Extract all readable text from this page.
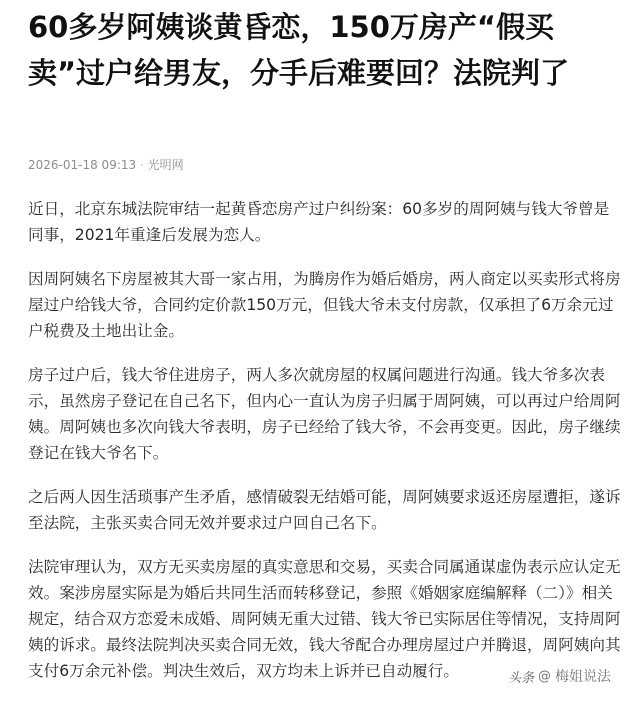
60多岁阿姨谈黄昏恋，150万房产“假买卖”过户给男友，分手后难要回？法院判了
2026-01-18 09:13 · 光明网

近日，北京东城法院审结一起黄昏恋房产过户纠纷案：60多岁的周阿姨与钱大爷曾是同事，2021年重逢后发展为恋人。

因周阿姨名下房屋被其大哥一家占用，为腾房作为婚后婚房，两人商定以买卖形式将房屋过户给钱大爷，合同约定价款150万元，但钱大爷未支付房款，仅承担了6万余元过户税费及土地出让金。

房子过户后，钱大爷住进房子，两人多次就房屋的权属问题进行沟通。钱大爷多次表示，虽然房子登记在自己名下，但内心一直认为房子归属于周阿姨，可以再过户给周阿姨。周阿姨也多次向钱大爷表明，房子已经给了钱大爷，不会再变更。因此，房子继续登记在钱大爷名下。

之后两人因生活琐事产生矛盾，感情破裂无结婚可能，周阿姨要求返还房屋遭拒，遂诉至法院，主张买卖合同无效并要求过户回自己名下。

法院审理认为，双方无买卖房屋的真实意思和交易，买卖合同属通谋虚伪表示应认定无效。案涉房屋实际是为婚后共同生活而转移登记，参照《婚姻家庭编解释（二）》相关规定，结合双方恋爱未成婚、周阿姨无重大过错、钱大爷已实际居住等情况，支持周阿姨的诉求。最终法院判决买卖合同无效，钱大爷配合办理房屋过户并腾退，周阿姨向其支付6万余元补偿。判决生效后，双方均未上诉并已自动履行。	头条 @ 梅姐说法
